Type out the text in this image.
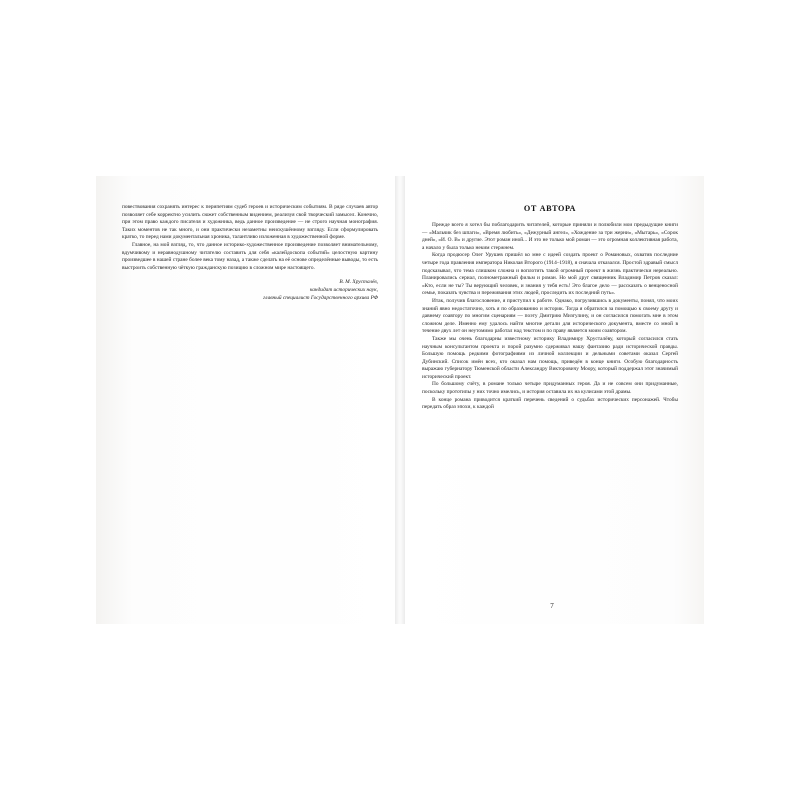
повествования сохранять интерес к перипетиям судеб героев и историческим событиям. В ряде случаев автор позволяет себе корректно усилить сюжет собственным видением, реализуя свой творческий замысел. Конечно, при этом право каждого писателя и художника, ведь данное произведение — не строго научная монография. Таких моментов не так много, и они практически незаметны неискушённому взгляду. Если сформулировать кратко, то перед нами документальная хроника, талантливо изложенная в художественной форме.

Главное, на мой взгляд, то, что данное историко-художественное произведение позволяет внимательному, вдумчивому и неравнодушному читателю составить для себя «калейдоскопа событий» целостную картину произведшее в нашей стране более века тому назад, а также сделать на её основе определённые выводы, то есть выстроить собственную чёткую гражданскую позицию в сложном мире настоящего.

В. М. Хрусталёв,
кандидат исторических наук,
главный специалист Государственного архива РФ
ОТ АВТОРА

Прежде всего я хотел бы поблагодарить читателей, которые приняли и полюбили мои предыдущие книги — «Мальчик без шпаги», «Время любить», «Дежурный ангел», «Хождение за три жерни», «Мытарь», «Сорок дней», «И. О. В» и другие. Этот роман иной... И это не только мой роман — это огромная коллективная работа, а начало у была только неким стержнем.

Когда продюсер Олег Урушев пришёл ко мне с идеей создать проект о Романовых, охватив последние четыре года правления императора Николая Второго (1914–1918), я сначала отказался. Простой здравый смысл подсказывал, что тема слишком сложна и воплотить такой огромный проект в жизнь практически нереально. Планировались сериал, полнометражный фильм и роман. Но мой друг священник Владимир Петров сказал: «Кто, если не ты? Ты верующий человек, и знания у тебя есть! Это благое дело — рассказать о венценосной семье, показать чувства и переживания этих людей, проследить их последний путь».

Итак, получив благословение, я приступил к работе. Однако, погрузившись в документы, понял, что моих знаний явно недостаточно, хоть я по образованию и историк. Тогда я обратился за помощью к своему другу и давнему соавтору по многим сценариям — поэту Дмитрию Мизгулину, и он согласился помогать мне в этом сложном деле. Именно ему удалось найти многие детали для исторического документа, вместе со мной в течение двух лет он неутомимо работал над текстом и по праву является моим соавтором.

Также мы очень благодарны известному историку Владимиру Хрусталёву, который согласился стать научным консультантом проекта и порой разумно сдерживал нашу фантазию ради исторической правды. Большую помощь редкими фотографиями из личной коллекции и дельными советами оказал Сергей Дубинский. Список имён всех, кто оказал нам помощь, приведён в конце книги. Особую благодарность выражаю губернатору Тюменской области Александру Викторовичу Моору, который поддержал этот значимый исторический проект.

По большому счёту, в романе только четыре придуманных героя. Да и не совсем они придуманные, поскольку прототипы у них точно имелись, и история оставила их на кулисами этой драмы.

В конце романа приводится краткий перечень сведений о судьбах исторических персонажей. Чтобы передать образ эпохи, к каждой

7
